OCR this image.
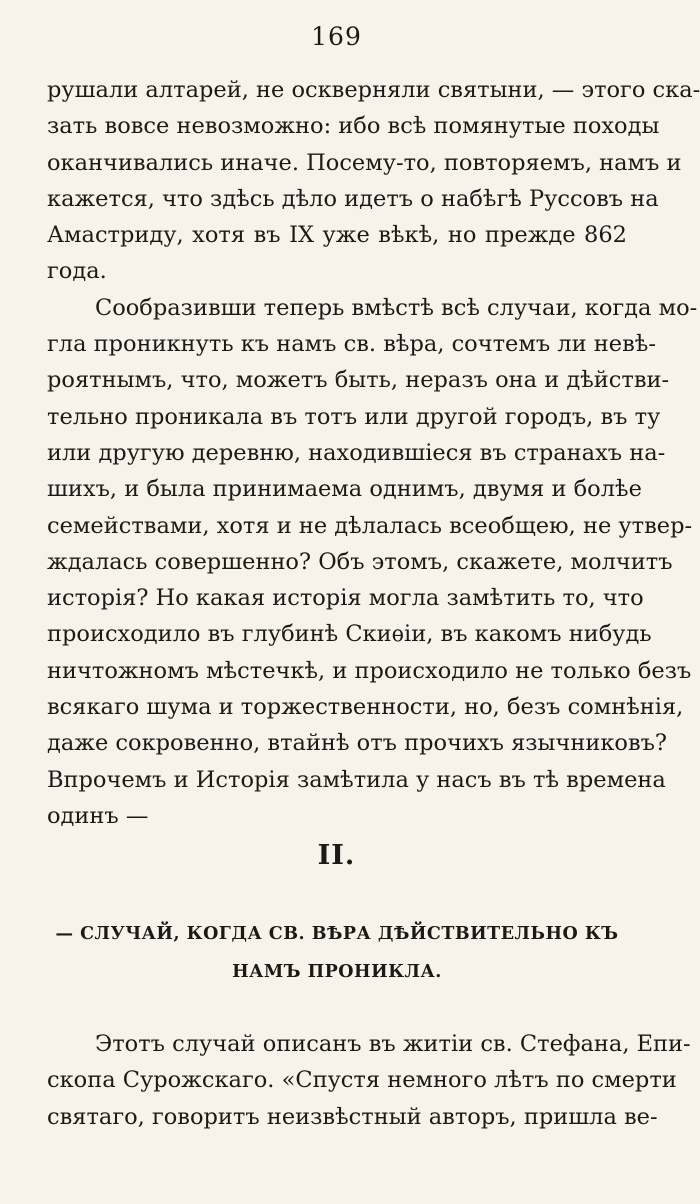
169
рушали алтарей, не оскверняли святыни, — этого ска-
зать вовсе невозможно: ибо всѣ помянутые походы
оканчивались иначе. Посему-то, повторяемъ, намъ и
кажется, что здѣсь дѣло идетъ о набѣгѣ Руссовъ на
Амастриду, хотя въ IX уже вѣкѣ, но прежде 862
года.
Сообразивши теперь вмѣстѣ всѣ случаи, когда мо-
гла проникнуть къ намъ св. вѣра, сочтемъ ли невѣ-
роятнымъ, что, можетъ быть, неразъ она и дѣйстви-
тельно проникала въ тотъ или другой городъ, въ ту
или другую деревню, находившіеся въ странахъ на-
шихъ, и была принимаема однимъ, двумя и болѣе
семействами, хотя и не дѣлалась всеобщею, не утвер-
ждалась совершенно? Объ этомъ, скажете, молчитъ
исторія? Но какая исторія могла замѣтить то, что
происходило въ глубинѣ Скиѳіи, въ какомъ нибудь
ничтожномъ мѣстечкѣ, и происходило не только безъ
всякаго шума и торжественности, но, безъ сомнѣнія,
даже сокровенно, втайнѣ отъ прочихъ язычниковъ?
Впрочемъ и Исторія замѣтила у насъ въ тѣ времена
одинъ —
II.
— СЛУЧАЙ, КОГДА СВ. ВѢРА ДѢЙСТВИТЕЛЬНО КЪ
НАМЪ ПРОНИКЛА.
Этотъ случай описанъ въ житіи св. Стефана, Епи-
скопа Сурожскаго. «Спустя немного лѣтъ по смерти
святаго, говоритъ неизвѣстный авторъ, пришла ве-
